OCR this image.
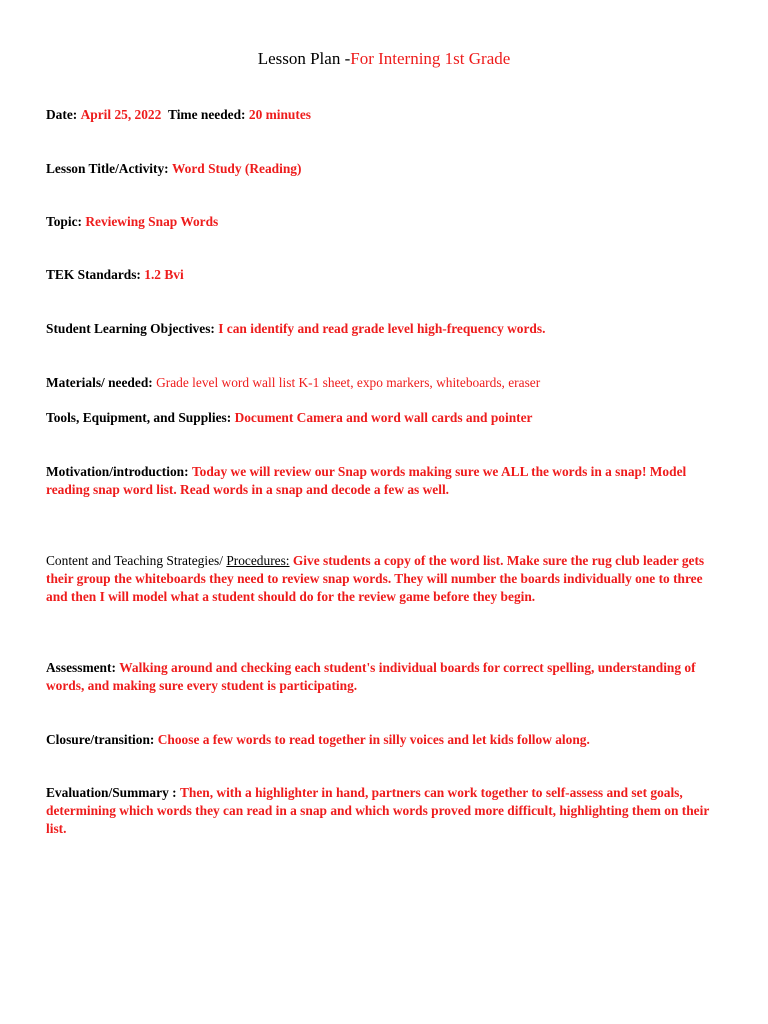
Lesson Plan -For Interning 1st Grade
Date: April 25, 2022 Time needed: 20 minutes
Lesson Title/Activity: Word Study (Reading)
Topic: Reviewing Snap Words
TEK Standards: 1.2 Bvi
Student Learning Objectives: I can identify and read grade level high-frequency words.
Materials/ needed: Grade level word wall list K-1 sheet, expo markers, whiteboards, eraser
Tools, Equipment, and Supplies: Document Camera and word wall cards and pointer
Motivation/introduction: Today we will review our Snap words making sure we ALL the words in a snap! Model reading snap word list. Read words in a snap and decode a few as well.
Content and Teaching Strategies/ Procedures: Give students a copy of the word list. Make sure the rug club leader gets their group the whiteboards they need to review snap words. They will number the boards individually one to three and then I will model what a student should do for the review game before they begin.
Assessment: Walking around and checking each student's individual boards for correct spelling, understanding of words, and making sure every student is participating.
Closure/transition: Choose a few words to read together in silly voices and let kids follow along.
Evaluation/Summary : Then, with a highlighter in hand, partners can work together to self-assess and set goals, determining which words they can read in a snap and which words proved more difficult, highlighting them on their list.
